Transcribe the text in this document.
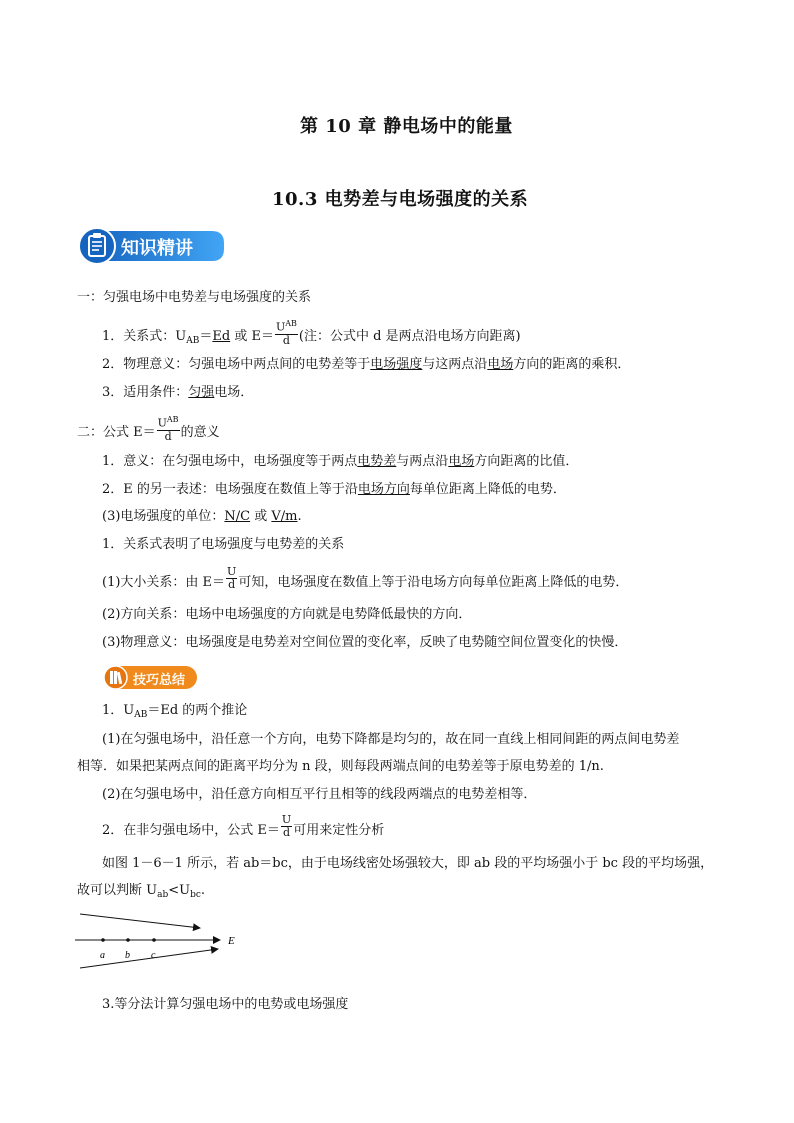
第 10 章 静电场中的能量
10.3 电势差与电场强度的关系
知识精讲
一：匀强电场中电势差与电场强度的关系
1．关系式：$U_{AB}=Ed$ 或 $E= \frac{U^{AB}}{d}$ (注：公式中 d 是两点沿电场方向距离)
2．物理意义：匀强电场中两点间的电势差等于电场强度与这两点沿电场方向的距离的乘积．
3．适用条件：匀强电场．
二：公式 $E= \frac{U^{AB}}{d}$ 的意义
1．意义：在匀强电场中，电场强度等于两点电势差与两点沿电场方向距离的比值．
2．E 的另一表述：电场强度在数值上等于沿电场方向每单位距离上降低的电势．
(3)电场强度的单位：N/C 或 V/m.
1．关系式表明了电场强度与电势差的关系
(1)大小关系：由 $E= \frac{U}{d}$ 可知，电场强度在数值上等于沿电场方向每单位距离上降低的电势．
(2)方向关系：电场中电场强度的方向就是电势降低最快的方向．
(3)物理意义：电场强度是电势差对空间位置的变化率，反映了电势随空间位置变化的快慢．
技巧总结
1．$U_{AB}=Ed$ 的两个推论
(1)在匀强电场中，沿任意一个方向，电势下降都是均匀的，故在同一直线上相同间距的两点间电势差
相等．如果把某两点间的距离平均分为 n 段，则每段两端点间的电势差等于原电势差的 1/n.
(2)在匀强电场中，沿任意方向相互平行且相等的线段两端点的电势差相等．
2．在非匀强电场中，公式 $E= \frac{U}{d}$ 可用来定性分析
如图 1－6－1 所示，若 ab＝bc，由于电场线密处场强较大，即 ab 段的平均场强小于 bc 段的平均场强，
故可以判断 $U_{ab}<U_{bc}$.
E
a b c
3.等分法计算匀强电场中的电势或电场强度
